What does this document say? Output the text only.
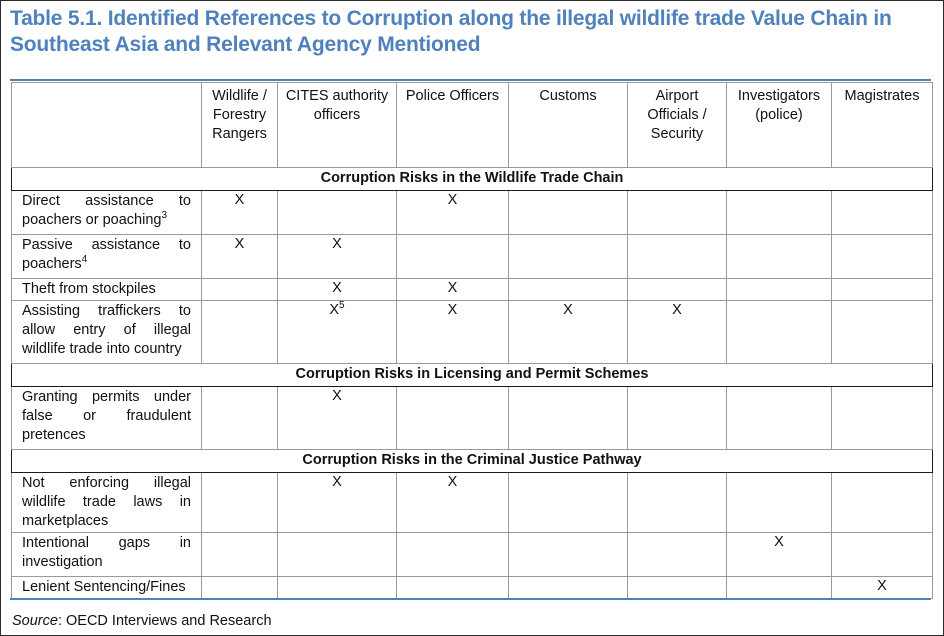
Table 5.1. Identified References to Corruption along the illegal wildlife trade Value Chain in Southeast Asia and Relevant Agency Mentioned
	Wildlife / Forestry Rangers	CITES authority officers	Police Officers	Customs	Airport Officials / Security	Investigators (police)	Magistrates
Corruption Risks in the Wildlife Trade Chain							
Direct assistance to poachers or poaching$^3$	X		X				
Passive assistance to poachers$^4$	X	X					
Theft from stockpiles		X	X				
Assisting traffickers to allow entry of illegal wildlife trade into country		$X^5$	X	X	X		
Corruption Risks in Licensing and Permit Schemes							
Granting permits under false or fraudulent pretences		X					
Corruption Risks in the Criminal Justice Pathway							
Not enforcing illegal wildlife trade laws in marketplaces		X	X				
Intentional gaps in investigation						X	
Lenient Sentencing/Fines							X
Source: OECD Interviews and Research
